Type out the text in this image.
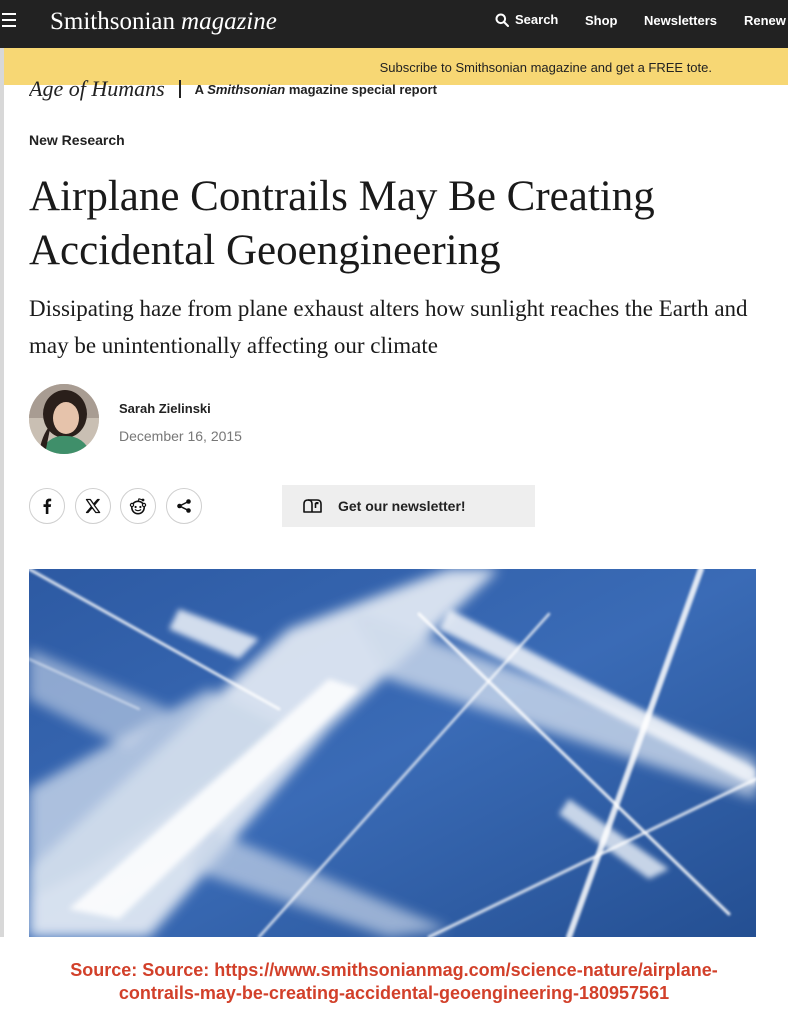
Smithsonian magazine	Search Shop Newsletters Renew
Subscribe to Smithsonian magazine and get a FREE tote.
Age of Humans A Smithsonian magazine special report
New Research
Airplane Contrails May Be Creating Accidental Geoengineering

Dissipating haze from plane exhaust alters how sunlight reaches the Earth and may be unintentionally affecting our climate

Sarah Zielinski
December 16, 2015
Get our newsletter!

Source: Source: https://www.smithsonianmag.com/science-nature/airplane-

contrails-may-be-creating-accidental-geoengineering-180957561
